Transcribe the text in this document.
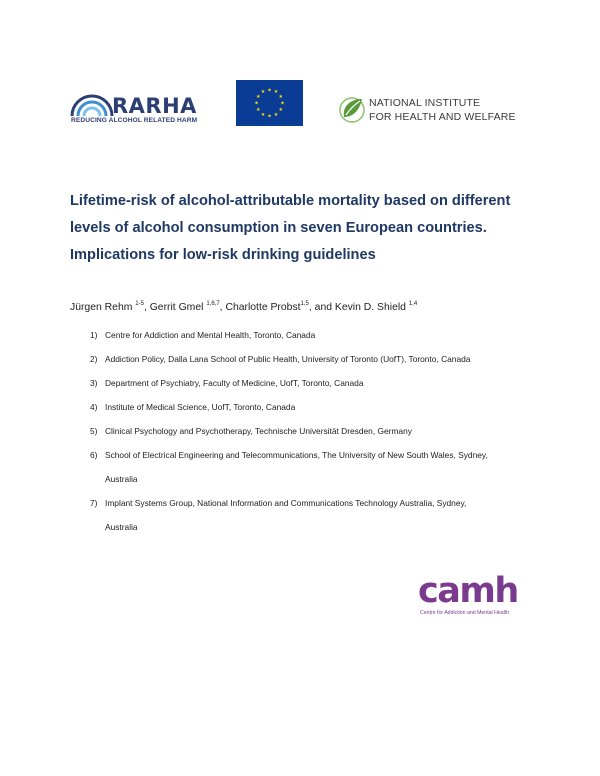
RARHA
REDUCING ALCOHOL RELATED HARM
★ ★
★
★
★
★
★
★
★
★
★
★
NATIONAL INSTITUTE
FOR HEALTH AND WELFARE
Lifetime-risk of alcohol-attributable mortality based on different
levels of alcohol consumption in seven European countries.
Implications for low-risk drinking guidelines
Jürgen Rehm $^{1-5}$, Gerrit Gmel $^{1,6,7}$, Charlotte Probst$^{1,5}$, and Kevin D. Shield $^{1,4}$
1) Centre for Addiction and Mental Health, Toronto, Canada
2) Addiction Policy, Dalla Lana School of Public Health, University of Toronto (UofT), Toronto, Canada
3) Department of Psychiatry, Faculty of Medicine, UofT, Toronto, Canada
4) Institute of Medical Science, UofT, Toronto, Canada
5) Clinical Psychology and Psychotherapy, Technische Universität Dresden, Germany
6) School of Electrical Engineering and Telecommunications, The University of New South Wales, Sydney,
Australia
7) Implant Systems Group, National Information and Communications Technology Australia, Sydney,
Australia
camh
Centre for Addiction and Mental Health
